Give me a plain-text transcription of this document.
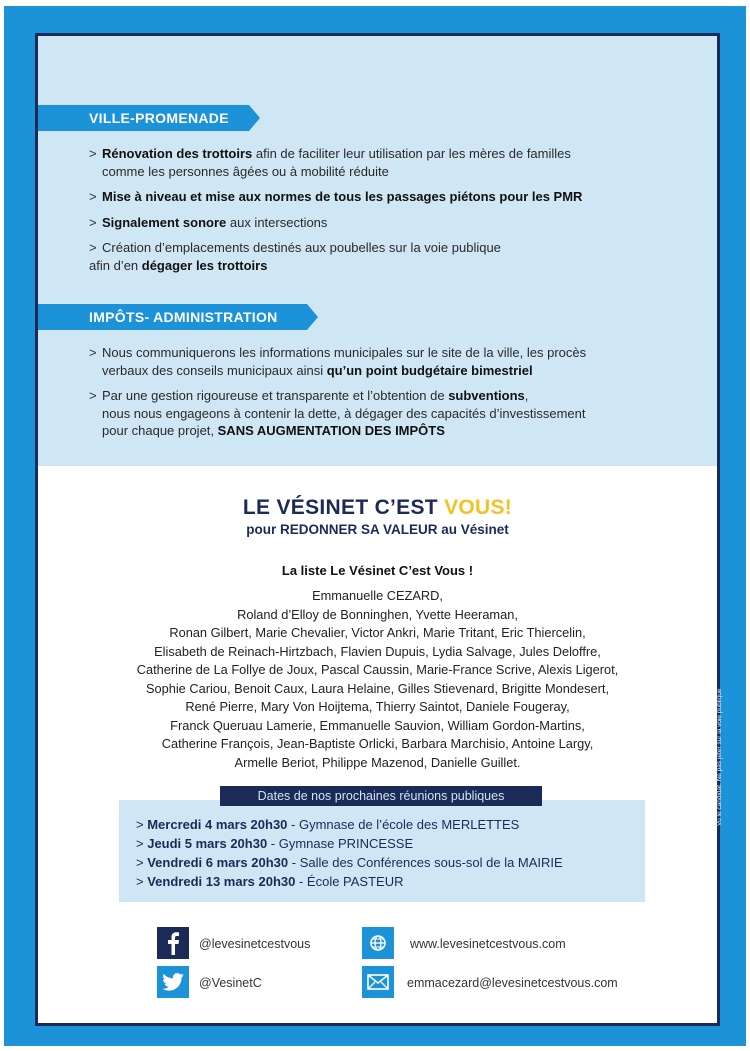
VILLE-PROMENADE
> Rénovation des trottoirs afin de faciliter leur utilisation par les mères de familles
comme les personnes âgées ou à mobilité réduite
> Mise à niveau et mise aux normes de tous les passages piétons pour les PMR
> Signalement sonore aux intersections
> Création d’emplacements destinés aux poubelles sur la voie publique
afin d’en dégager les trottoirs
IMPÔTS- ADMINISTRATION
> Nous communiquerons les informations municipales sur le site de la ville, les procès
verbaux des conseils municipaux ainsi qu’un point budgétaire bimestriel
> Par une gestion rigoureuse et transparente et l’obtention de subventions,
nous nous engageons à contenir la dette, à dégager des capacités d’investissement
pour chaque projet, SANS AUGMENTATION DES IMPÔTS
LE VÉSINET C’EST VOUS!
pour REDONNER SA VALEUR au Vésinet
La liste Le Vésinet C’est Vous !
Emmanuelle CEZARD,
Roland d’Elloy de Bonninghen, Yvette Heeraman,
Ronan Gilbert, Marie Chevalier, Victor Ankri, Marie Tritant, Eric Thiercelin,
Elisabeth de Reinach-Hirtzbach, Flavien Dupuis, Lydia Salvage, Jules Deloffre,
Catherine de La Follye de Joux, Pascal Caussin, Marie-France Scrive, Alexis Ligerot,
Sophie Cariou, Benoit Caux, Laura Helaine, Gilles Stievenard, Brigitte Mondesert,
René Pierre, Mary Von Hoijtema, Thierry Saintot, Daniele Fougeray,
Franck Queruau Lamerie, Emmanuelle Sauvion, William Gordon-Martins,
Catherine François, Jean-Baptiste Orlicki, Barbara Marchisio, Antoine Largy,
Armelle Beriot, Philippe Mazenod, Danielle Guillet.
> Mercredi 4 mars 20h30 - Gymnase de l’école des MERLETTES
> Jeudi 5 mars 20h30 - Gymnase PRINCESSE
> Vendredi 6 mars 20h30 - Salle des Conférences sous-sol de la MAIRIE
> Vendredi 13 mars 20h30 - École PASTEUR
Dates de nos prochaines réunions publiques
@levesinetcestvous
@VesinetC
www.levesinetcestvous.com
emmacezard@levesinetcestvous.com
Vu le candidat. Ne pas jeter sur la voie publique
